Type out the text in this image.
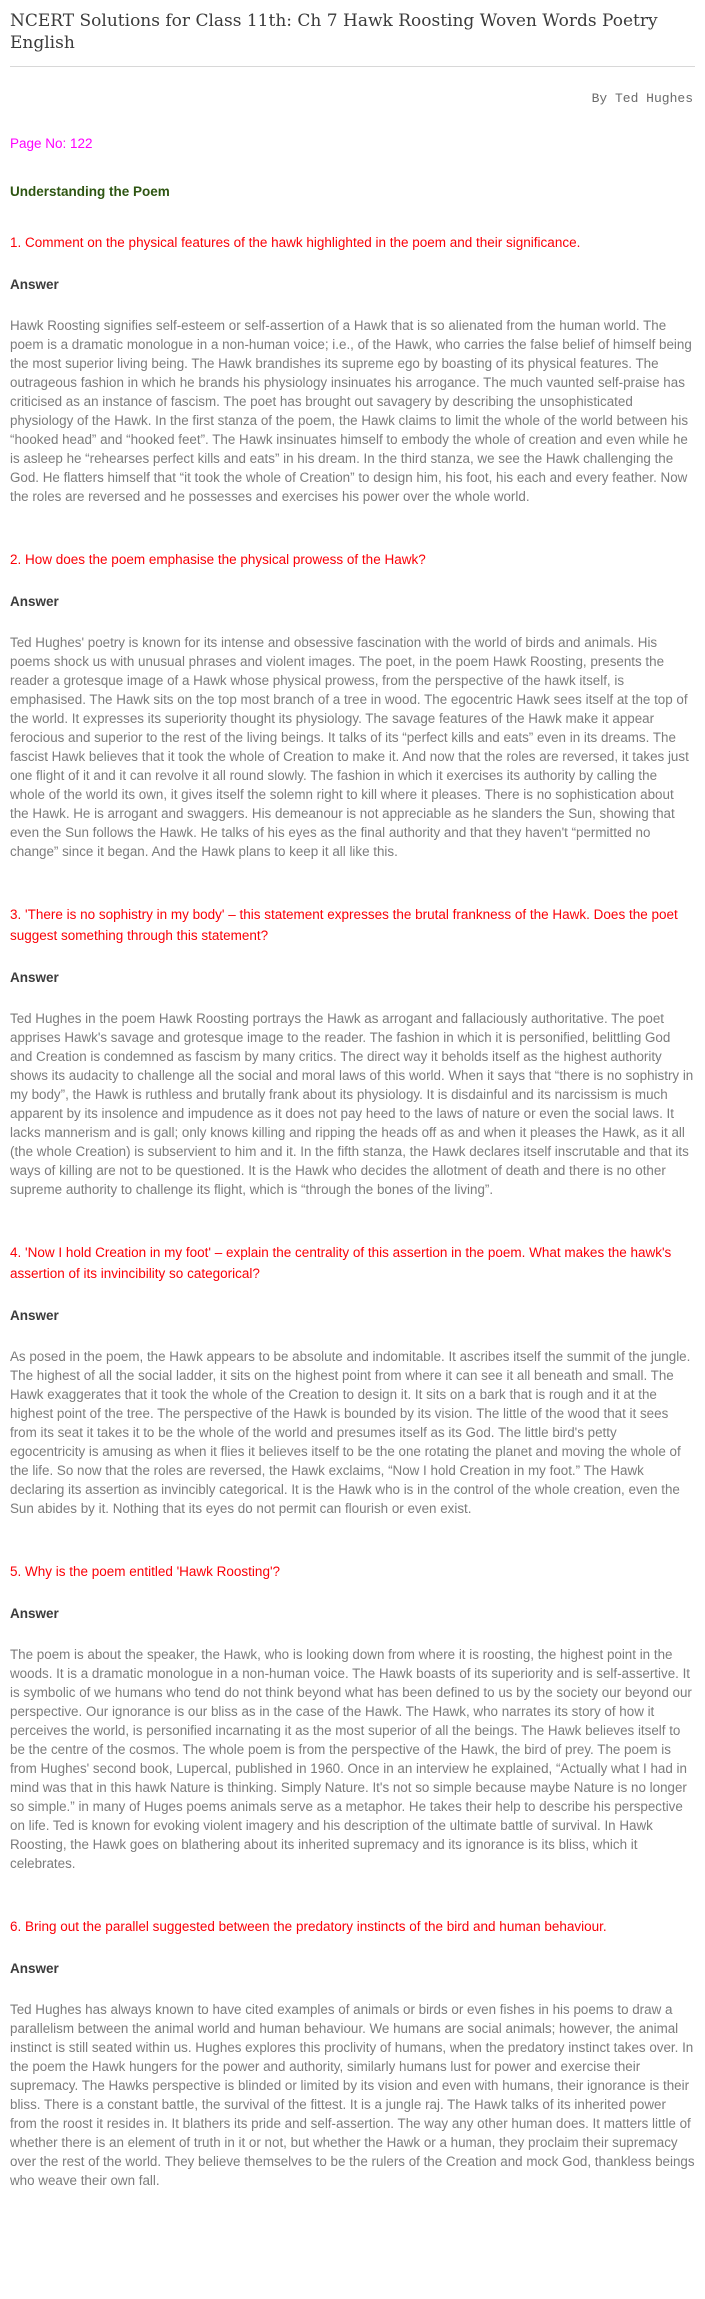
NCERT Solutions for Class 11th: Ch 7 Hawk Roosting Woven Words Poetry English

By Ted Hughes

Page No: 122

Understanding the Poem

1. Comment on the physical features of the hawk highlighted in the poem and their significance.

Answer

Hawk Roosting signifies self-esteem or self-assertion of a Hawk that is so alienated from the human world. The poem is a dramatic monologue in a non-human voice; i.e., of the Hawk, who carries the false belief of himself being the most superior living being. The Hawk brandishes its supreme ego by boasting of its physical features. The outrageous fashion in which he brands his physiology insinuates his arrogance. The much vaunted self-praise has criticised as an instance of fascism. The poet has brought out savagery by describing the unsophisticated physiology of the Hawk. In the first stanza of the poem, the Hawk claims to limit the whole of the world between his “hooked head” and “hooked feet”. The Hawk insinuates himself to embody the whole of creation and even while he is asleep he “rehearses perfect kills and eats” in his dream. In the third stanza, we see the Hawk challenging the God. He flatters himself that “it took the whole of Creation” to design him, his foot, his each and every feather. Now the roles are reversed and he possesses and exercises his power over the whole world.

2. How does the poem emphasise the physical prowess of the Hawk?

Answer

Ted Hughes' poetry is known for its intense and obsessive fascination with the world of birds and animals. His poems shock us with unusual phrases and violent images. The poet, in the poem Hawk Roosting, presents the reader a grotesque image of a Hawk whose physical prowess, from the perspective of the hawk itself, is emphasised. The Hawk sits on the top most branch of a tree in wood. The egocentric Hawk sees itself at the top of the world. It expresses its superiority thought its physiology. The savage features of the Hawk make it appear ferocious and superior to the rest of the living beings. It talks of its “perfect kills and eats” even in its dreams. The fascist Hawk believes that it took the whole of Creation to make it. And now that the roles are reversed, it takes just one flight of it and it can revolve it all round slowly. The fashion in which it exercises its authority by calling the whole of the world its own, it gives itself the solemn right to kill where it pleases. There is no sophistication about the Hawk. He is arrogant and swaggers. His demeanour is not appreciable as he slanders the Sun, showing that even the Sun follows the Hawk. He talks of his eyes as the final authority and that they haven't “permitted no change” since it began. And the Hawk plans to keep it all like this.

3. 'There is no sophistry in my body' – this statement expresses the brutal frankness of the Hawk. Does the poet suggest something through this statement?

Answer

Ted Hughes in the poem Hawk Roosting portrays the Hawk as arrogant and fallaciously authoritative. The poet apprises Hawk's savage and grotesque image to the reader. The fashion in which it is personified, belittling God and Creation is condemned as fascism by many critics. The direct way it beholds itself as the highest authority shows its audacity to challenge all the social and moral laws of this world. When it says that “there is no sophistry in my body”, the Hawk is ruthless and brutally frank about its physiology. It is disdainful and its narcissism is much apparent by its insolence and impudence as it does not pay heed to the laws of nature or even the social laws. It lacks mannerism and is gall; only knows killing and ripping the heads off as and when it pleases the Hawk, as it all (the whole Creation) is subservient to him and it. In the fifth stanza, the Hawk declares itself inscrutable and that its ways of killing are not to be questioned. It is the Hawk who decides the allotment of death and there is no other supreme authority to challenge its flight, which is “through the bones of the living”.

4. 'Now I hold Creation in my foot' – explain the centrality of this assertion in the poem. What makes the hawk's assertion of its invincibility so categorical?

Answer

As posed in the poem, the Hawk appears to be absolute and indomitable. It ascribes itself the summit of the jungle. The highest of all the social ladder, it sits on the highest point from where it can see it all beneath and small. The Hawk exaggerates that it took the whole of the Creation to design it. It sits on a bark that is rough and it at the highest point of the tree. The perspective of the Hawk is bounded by its vision. The little of the wood that it sees from its seat it takes it to be the whole of the world and presumes itself as its God. The little bird's petty egocentricity is amusing as when it flies it believes itself to be the one rotating the planet and moving the whole of the life. So now that the roles are reversed, the Hawk exclaims, “Now I hold Creation in my foot.” The Hawk declaring its assertion as invincibly categorical. It is the Hawk who is in the control of the whole creation, even the Sun abides by it. Nothing that its eyes do not permit can flourish or even exist.

5. Why is the poem entitled 'Hawk Roosting'?

Answer

The poem is about the speaker, the Hawk, who is looking down from where it is roosting, the highest point in the woods. It is a dramatic monologue in a non-human voice. The Hawk boasts of its superiority and is self-assertive. It is symbolic of we humans who tend do not think beyond what has been defined to us by the society our beyond our perspective. Our ignorance is our bliss as in the case of the Hawk. The Hawk, who narrates its story of how it perceives the world, is personified incarnating it as the most superior of all the beings. The Hawk believes itself to be the centre of the cosmos. The whole poem is from the perspective of the Hawk, the bird of prey. The poem is from Hughes' second book, Lupercal, published in 1960. Once in an interview he explained, “Actually what I had in mind was that in this hawk Nature is thinking. Simply Nature. It's not so simple because maybe Nature is no longer so simple.” in many of Huges poems animals serve as a metaphor. He takes their help to describe his perspective on life. Ted is known for evoking violent imagery and his description of the ultimate battle of survival. In Hawk Roosting, the Hawk goes on blathering about its inherited supremacy and its ignorance is its bliss, which it celebrates.

6. Bring out the parallel suggested between the predatory instincts of the bird and human behaviour.

Answer

Ted Hughes has always known to have cited examples of animals or birds or even fishes in his poems to draw a parallelism between the animal world and human behaviour. We humans are social animals; however, the animal instinct is still seated within us. Hughes explores this proclivity of humans, when the predatory instinct takes over. In the poem the Hawk hungers for the power and authority, similarly humans lust for power and exercise their supremacy. The Hawks perspective is blinded or limited by its vision and even with humans, their ignorance is their bliss. There is a constant battle, the survival of the fittest. It is a jungle raj. The Hawk talks of its inherited power from the roost it resides in. It blathers its pride and self-assertion. The way any other human does. It matters little of whether there is an element of truth in it or not, but whether the Hawk or a human, they proclaim their supremacy over the rest of the world. They believe themselves to be the rulers of the Creation and mock God, thankless beings who weave their own fall.
